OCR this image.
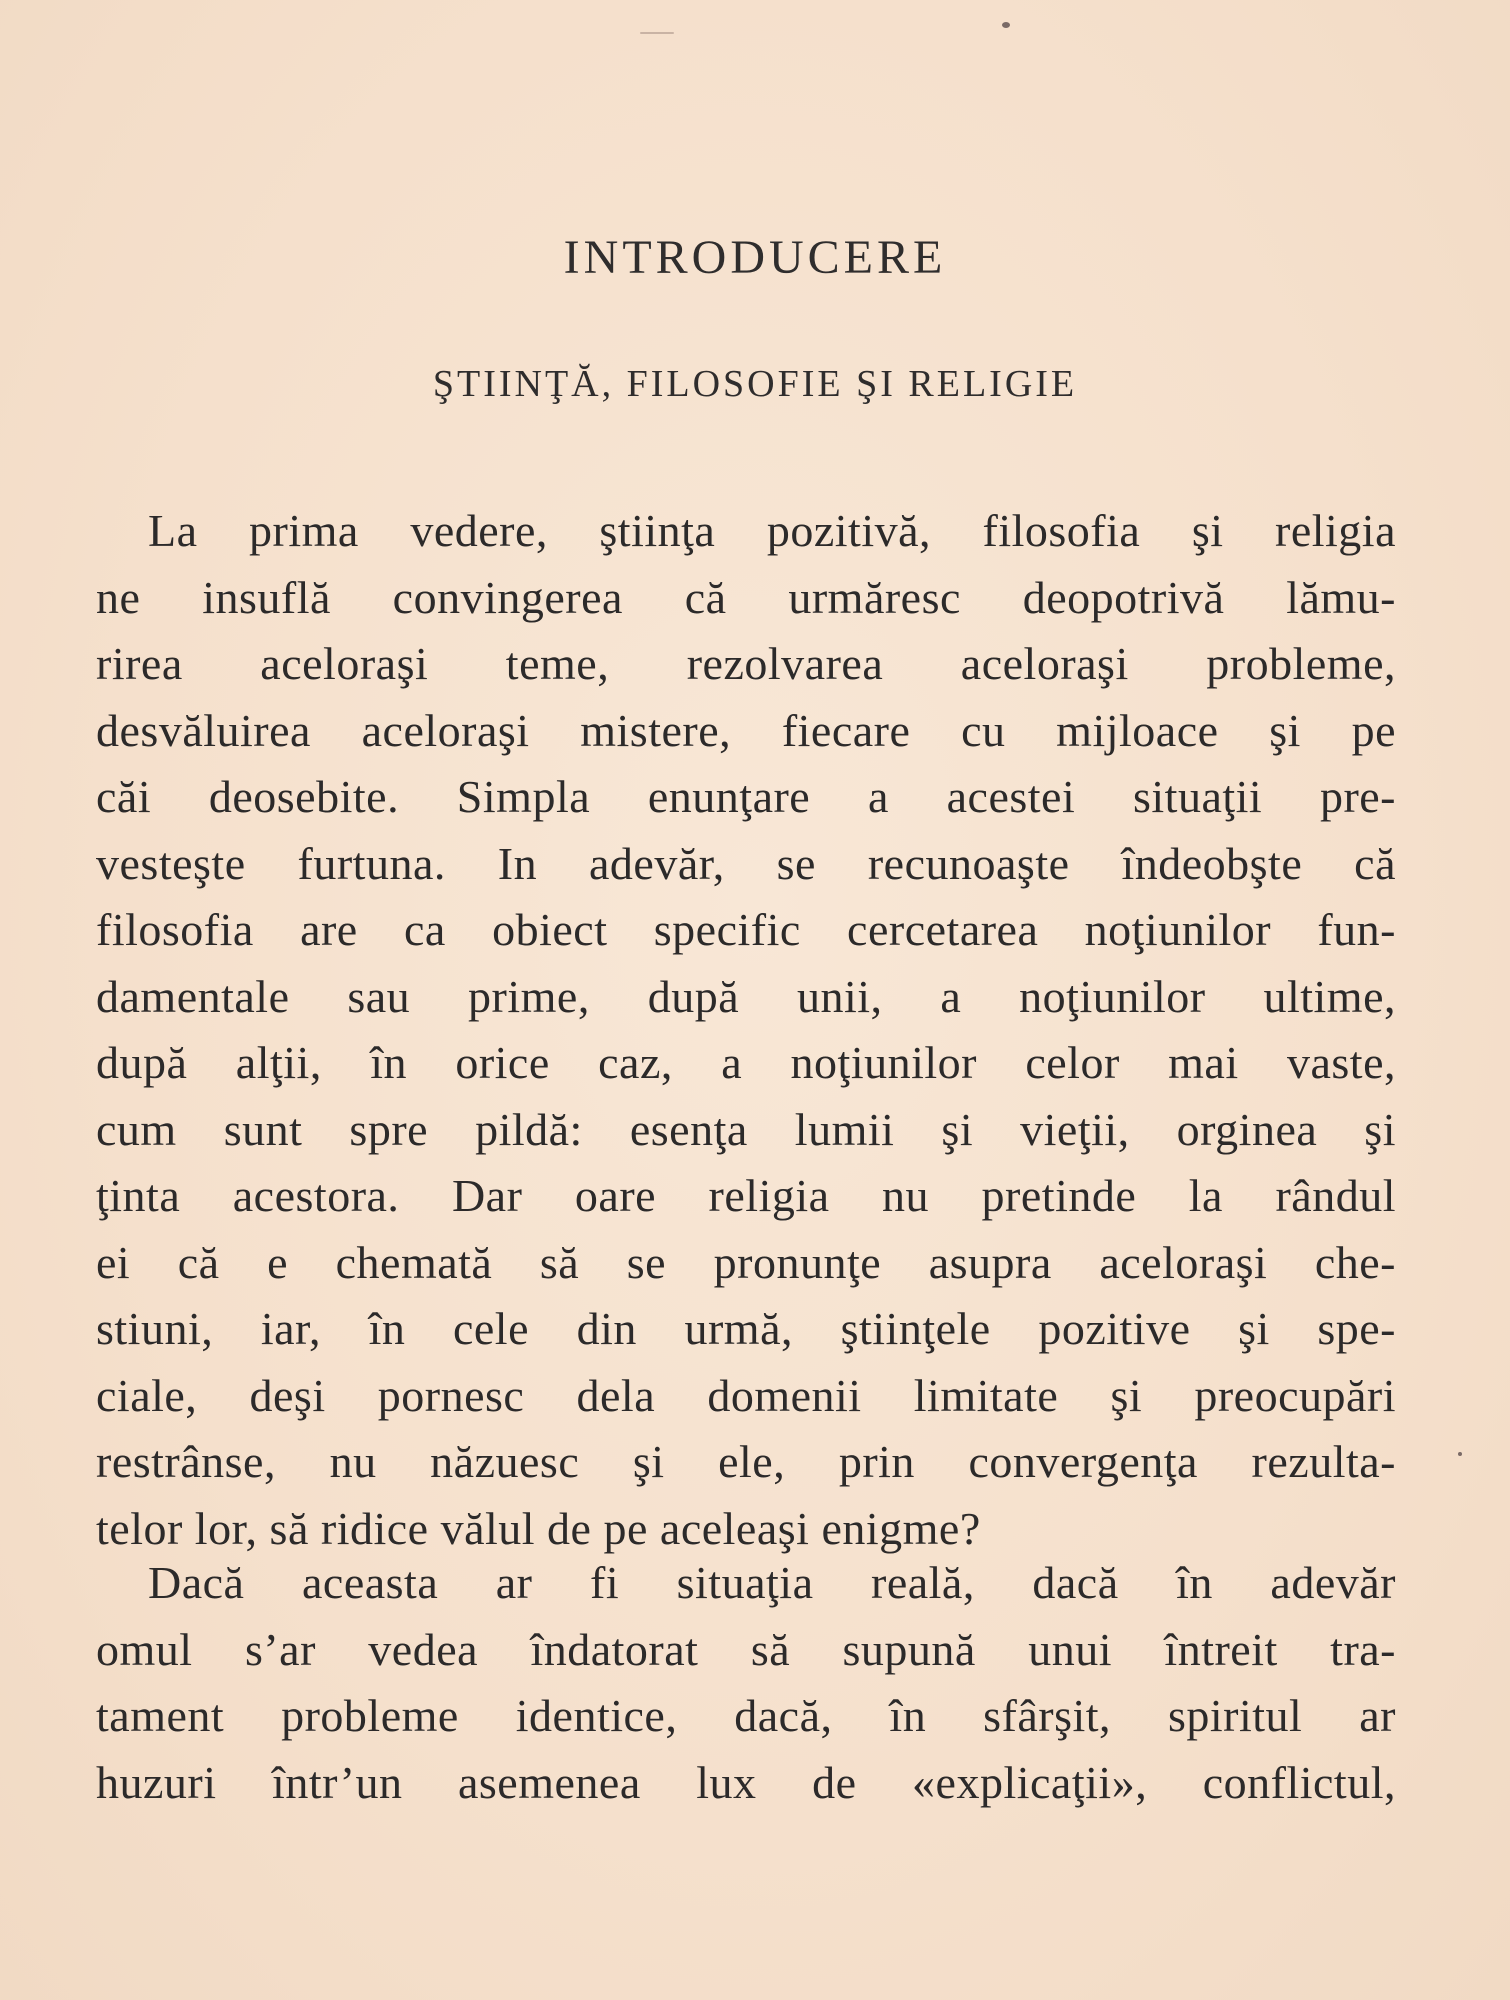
INTRODUCERE
ŞTIINŢĂ, FILOSOFIE ŞI RELIGIE
La prima vedere, ştiinţa pozitivă, filosofia şi religia
ne insuflă convingerea că urmăresc deopotrivă lămu-
rirea aceloraşi teme, rezolvarea aceloraşi probleme,
desvăluirea aceloraşi mistere, fiecare cu mijloace şi pe
căi deosebite. Simpla enunţare a acestei situaţii pre-
vesteşte furtuna. In adevăr, se recunoaşte îndeobşte că
filosofia are ca obiect specific cercetarea noţiunilor fun-
damentale sau prime, după unii, a noţiunilor ultime,
după alţii, în orice caz, a noţiunilor celor mai vaste,
cum sunt spre pildă: esenţa lumii şi vieţii, orginea şi
ţinta acestora. Dar oare religia nu pretinde la rândul
ei că e chemată să se pronunţe asupra aceloraşi che-
stiuni, iar, în cele din urmă, ştiinţele pozitive şi spe-
ciale, deşi pornesc dela domenii limitate şi preocupări
restrânse, nu năzuesc şi ele, prin convergenţa rezulta-
telor lor, să ridice vălul de pe aceleaşi enigme?
Dacă aceasta ar fi situaţia reală, dacă în adevăr
omul s’ar vedea îndatorat să supună unui întreit tra-
tament probleme identice, dacă, în sfârşit, spiritul ar
huzuri într’un asemenea lux de «explicaţii», conflictul,
